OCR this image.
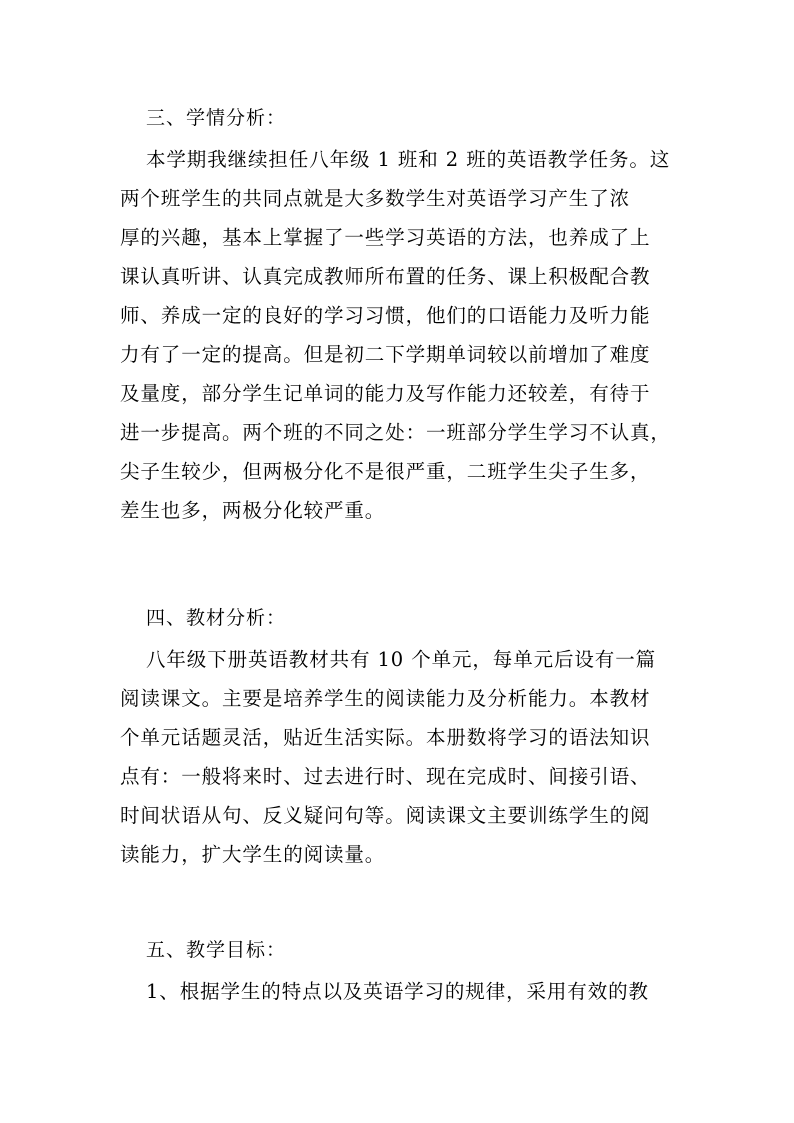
三、学情分析：
本学期我继续担任八年级 1 班和 2 班的英语教学任务。这
两个班学生的共同点就是大多数学生对英语学习产生了浓
厚的兴趣，基本上掌握了一些学习英语的方法，也养成了上
课认真听讲、认真完成教师所布置的任务、课上积极配合教
师、养成一定的良好的学习习惯，他们的口语能力及听力能
力有了一定的提高。但是初二下学期单词较以前增加了难度
及量度，部分学生记单词的能力及写作能力还较差，有待于
进一步提高。两个班的不同之处：一班部分学生学习不认真，
尖子生较少，但两极分化不是很严重，二班学生尖子生多，
差生也多，两极分化较严重。
四、教材分析：
八年级下册英语教材共有 10 个单元，每单元后设有一篇
阅读课文。主要是培养学生的阅读能力及分析能力。本教材
个单元话题灵活，贴近生活实际。本册数将学习的语法知识
点有：一般将来时、过去进行时、现在完成时、间接引语、
时间状语从句、反义疑问句等。阅读课文主要训练学生的阅
读能力，扩大学生的阅读量。
五、教学目标：
1、根据学生的特点以及英语学习的规律，采用有效的教
